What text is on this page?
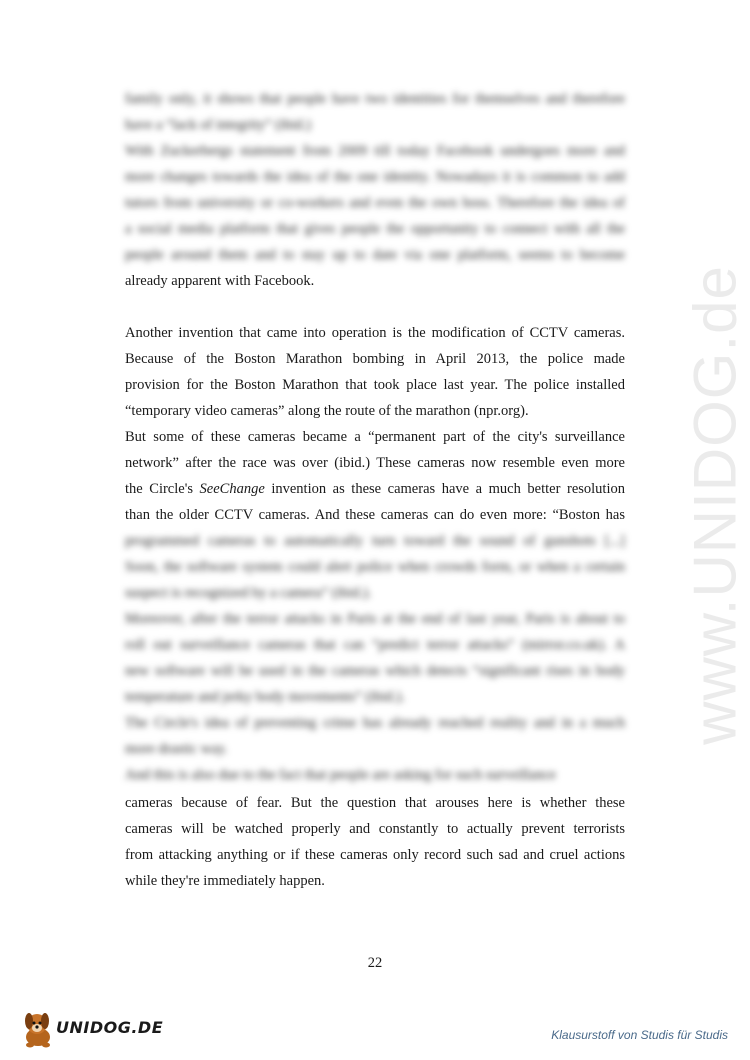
www.UNIDOG.de
family only, it shows that people have two identities for themselves and therefore
have a “lack of integrity” (ibid.)
With Zuckerbergs statement from 2009 till today Facebook undergoes more and
more changes towards the idea of the one identity. Nowadays it is common to add
tutors from university or co-workers and even the own boss. Therefore the idea of
a social media platform that gives people the opportunity to connect with all the
people around them and to stay up to date via one platform, seems to become
already apparent with Facebook.
Another invention that came into operation is the modification of CCTV cameras.
Because of the Boston Marathon bombing in April 2013, the police made
provision for the Boston Marathon that took place last year. The police installed
“temporary video cameras” along the route of the marathon (npr.org).
But some of these cameras became a “permanent part of the city's surveillance
network” after the race was over (ibid.) These cameras now resemble even more
the Circle's SeeChange invention as these cameras have a much better resolution
than the older CCTV cameras. And these cameras can do even more: “Boston has
programmed cameras to automatically turn toward the sound of gunshots [...]
Soon, the software system could alert police when crowds form, or when a certain
suspect is recognized by a camera” (ibid.).
Moreover, after the terror attacks in Paris at the end of last year, Paris is about to
roll out surveillance cameras that can “predict terror attacks” (mirror.co.uk). A
new software will be used in the cameras which detects “significant rises in body
temperature and jerky body movements” (ibid.).
The Circle's idea of preventing crime has already reached reality and in a much
more drastic way.
And this is also due to the fact that people are asking for such surveillance
cameras because of fear. But the question that arouses here is whether these
cameras will be watched properly and constantly to actually prevent terrorists
from attacking anything or if these cameras only record such sad and cruel actions
while they're immediately happen.
22
UNIDOG.DE	Klausurstoff von Studis für Studis
